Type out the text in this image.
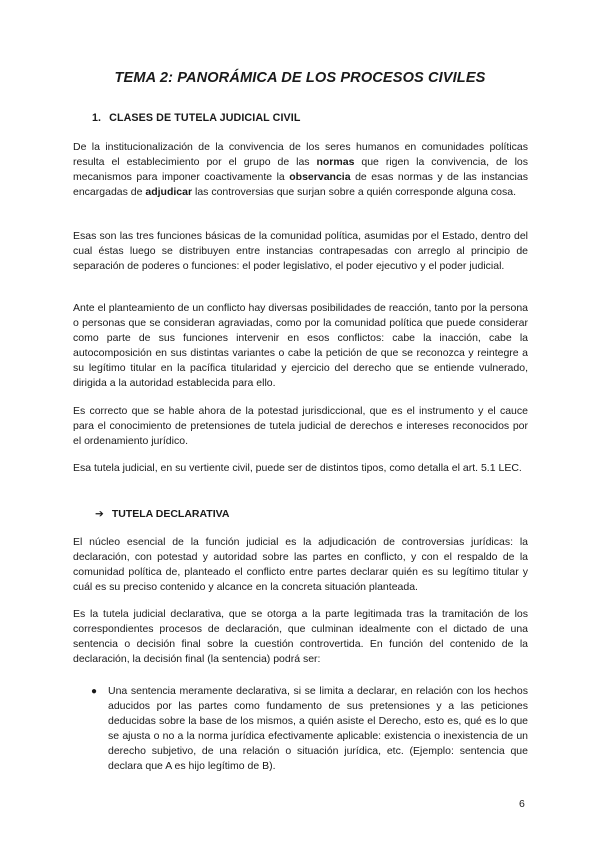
TEMA 2: PANORÁMICA DE LOS PROCESOS CIVILES
1. CLASES DE TUTELA JUDICIAL CIVIL
De la institucionalización de la convivencia de los seres humanos en comunidades políticas resulta el establecimiento por el grupo de las normas que rigen la convivencia, de los mecanismos para imponer coactivamente la observancia de esas normas y de las instancias encargadas de adjudicar las controversias que surjan sobre a quién corresponde alguna cosa.
Esas son las tres funciones básicas de la comunidad política, asumidas por el Estado, dentro del cual éstas luego se distribuyen entre instancias contrapesadas con arreglo al principio de separación de poderes o funciones: el poder legislativo, el poder ejecutivo y el poder judicial.
Ante el planteamiento de un conflicto hay diversas posibilidades de reacción, tanto por la persona o personas que se consideran agraviadas, como por la comunidad política que puede considerar como parte de sus funciones intervenir en esos conflictos: cabe la inacción, cabe la autocomposición en sus distintas variantes o cabe la petición de que se reconozca y reintegre a su legítimo titular en la pacífica titularidad y ejercicio del derecho que se entiende vulnerado, dirigida a la autoridad establecida para ello.
Es correcto que se hable ahora de la potestad jurisdiccional, que es el instrumento y el cauce para el conocimiento de pretensiones de tutela judicial de derechos e intereses reconocidos por el ordenamiento jurídico.
Esa tutela judicial, en su vertiente civil, puede ser de distintos tipos, como detalla el art. 5.1 LEC.
➔ TUTELA DECLARATIVA
El núcleo esencial de la función judicial es la adjudicación de controversias jurídicas: la declaración, con potestad y autoridad sobre las partes en conflicto, y con el respaldo de la comunidad política de, planteado el conflicto entre partes declarar quién es su legítimo titular y cuál es su preciso contenido y alcance en la concreta situación planteada.
Es la tutela judicial declarativa, que se otorga a la parte legitimada tras la tramitación de los correspondientes procesos de declaración, que culminan idealmente con el dictado de una sentencia o decisión final sobre la cuestión controvertida. En función del contenido de la declaración, la decisión final (la sentencia) podrá ser:
● Una sentencia meramente declarativa, si se limita a declarar, en relación con los hechos aducidos por las partes como fundamento de sus pretensiones y a las peticiones deducidas sobre la base de los mismos, a quién asiste el Derecho, esto es, qué es lo que se ajusta o no a la norma jurídica efectivamente aplicable: existencia o inexistencia de un derecho subjetivo, de una relación o situación jurídica, etc. (Ejemplo: sentencia que declara que A es hijo legítimo de B).
6
